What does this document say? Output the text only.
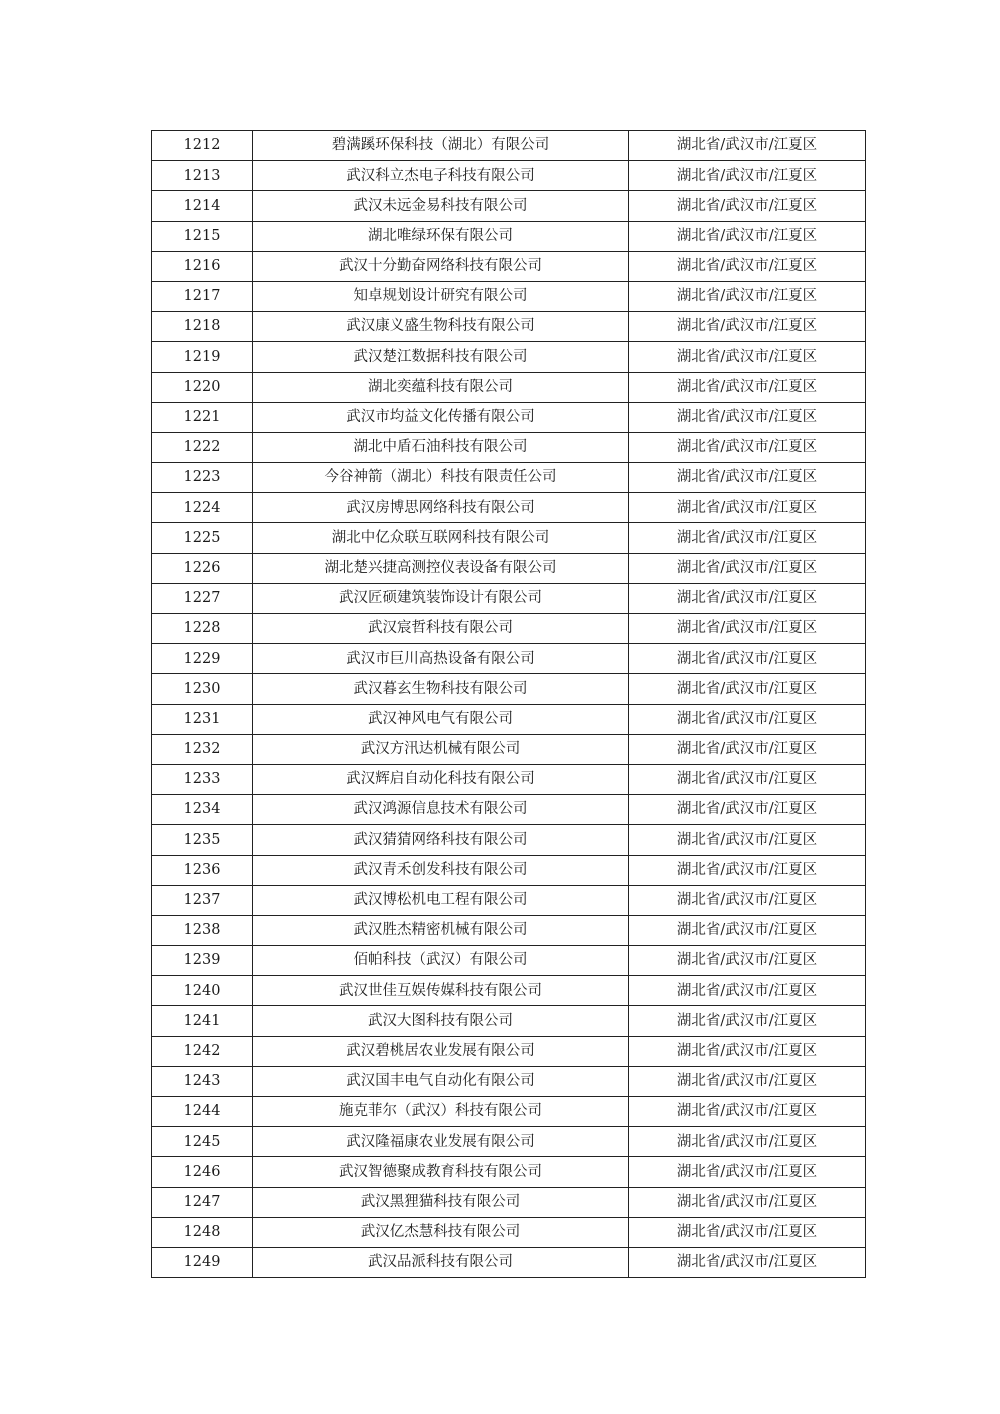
1212	碧满蹊环保科技（湖北）有限公司	湖北省/武汉市/江夏区
1213	武汉科立杰电子科技有限公司	湖北省/武汉市/江夏区
1214	武汉未远金易科技有限公司	湖北省/武汉市/江夏区
1215	湖北唯绿环保有限公司	湖北省/武汉市/江夏区
1216	武汉十分勤奋网络科技有限公司	湖北省/武汉市/江夏区
1217	知卓规划设计研究有限公司	湖北省/武汉市/江夏区
1218	武汉康义盛生物科技有限公司	湖北省/武汉市/江夏区
1219	武汉楚江数据科技有限公司	湖北省/武汉市/江夏区
1220	湖北奕蕴科技有限公司	湖北省/武汉市/江夏区
1221	武汉市均益文化传播有限公司	湖北省/武汉市/江夏区
1222	湖北中盾石油科技有限公司	湖北省/武汉市/江夏区
1223	今谷神箭（湖北）科技有限责任公司	湖北省/武汉市/江夏区
1224	武汉房博思网络科技有限公司	湖北省/武汉市/江夏区
1225	湖北中亿众联互联网科技有限公司	湖北省/武汉市/江夏区
1226	湖北楚兴捷高测控仪表设备有限公司	湖北省/武汉市/江夏区
1227	武汉匠硕建筑装饰设计有限公司	湖北省/武汉市/江夏区
1228	武汉宸哲科技有限公司	湖北省/武汉市/江夏区
1229	武汉市巨川高热设备有限公司	湖北省/武汉市/江夏区
1230	武汉暮玄生物科技有限公司	湖北省/武汉市/江夏区
1231	武汉神风电气有限公司	湖北省/武汉市/江夏区
1232	武汉方汛达机械有限公司	湖北省/武汉市/江夏区
1233	武汉辉启自动化科技有限公司	湖北省/武汉市/江夏区
1234	武汉鸿源信息技术有限公司	湖北省/武汉市/江夏区
1235	武汉猜猜网络科技有限公司	湖北省/武汉市/江夏区
1236	武汉青禾创发科技有限公司	湖北省/武汉市/江夏区
1237	武汉博松机电工程有限公司	湖北省/武汉市/江夏区
1238	武汉胜杰精密机械有限公司	湖北省/武汉市/江夏区
1239	佰帕科技（武汉）有限公司	湖北省/武汉市/江夏区
1240	武汉世佳互娱传媒科技有限公司	湖北省/武汉市/江夏区
1241	武汉大图科技有限公司	湖北省/武汉市/江夏区
1242	武汉碧桃居农业发展有限公司	湖北省/武汉市/江夏区
1243	武汉国丰电气自动化有限公司	湖北省/武汉市/江夏区
1244	施克菲尔（武汉）科技有限公司	湖北省/武汉市/江夏区
1245	武汉隆福康农业发展有限公司	湖北省/武汉市/江夏区
1246	武汉智德聚成教育科技有限公司	湖北省/武汉市/江夏区
1247	武汉黑狸猫科技有限公司	湖北省/武汉市/江夏区
1248	武汉亿杰慧科技有限公司	湖北省/武汉市/江夏区
1249	武汉品派科技有限公司	湖北省/武汉市/江夏区
